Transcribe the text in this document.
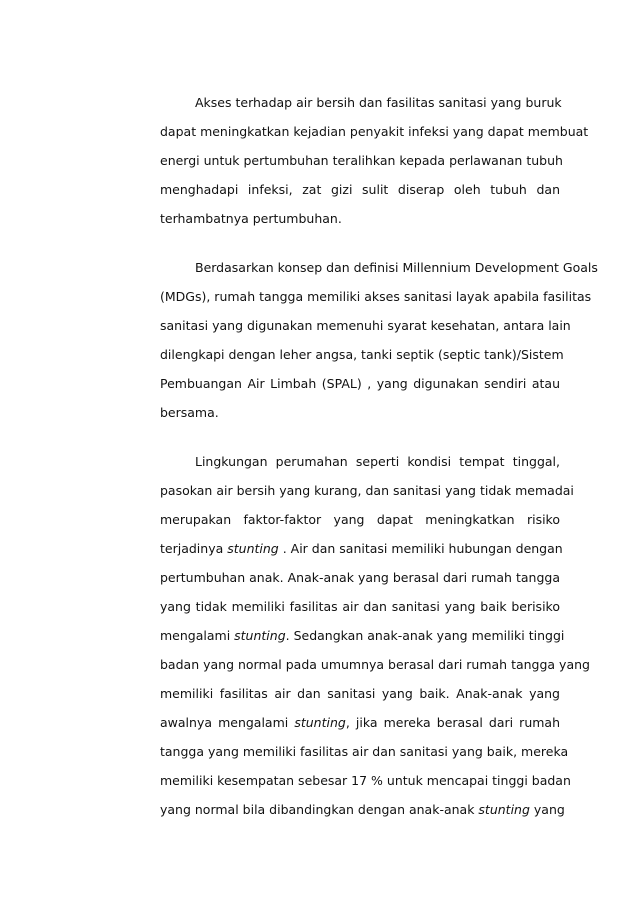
Akses terhadap air bersih dan fasilitas sanitasi yang buruk
dapat meningkatkan kejadian penyakit infeksi yang dapat membuat
energi untuk pertumbuhan teralihkan kepada perlawanan tubuh
menghadapi infeksi, zat gizi sulit diserap oleh tubuh dan
terhambatnya pertumbuhan.
Berdasarkan konsep dan definisi Millennium Development Goals
(MDGs), rumah tangga memiliki akses sanitasi layak apabila fasilitas
sanitasi yang digunakan memenuhi syarat kesehatan, antara lain
dilengkapi dengan leher angsa, tanki septik (septic tank)/Sistem
Pembuangan Air Limbah (SPAL) , yang digunakan sendiri atau
bersama.
Lingkungan perumahan seperti kondisi tempat tinggal,
pasokan air bersih yang kurang, dan sanitasi yang tidak memadai
merupakan faktor-faktor yang dapat meningkatkan risiko
terjadinya stunting . Air dan sanitasi memiliki hubungan dengan
pertumbuhan anak. Anak-anak yang berasal dari rumah tangga
yang tidak memiliki fasilitas air dan sanitasi yang baik berisiko
mengalami stunting. Sedangkan anak-anak yang memiliki tinggi
badan yang normal pada umumnya berasal dari rumah tangga yang
memiliki fasilitas air dan sanitasi yang baik. Anak-anak yang
awalnya mengalami stunting, jika mereka berasal dari rumah
tangga yang memiliki fasilitas air dan sanitasi yang baik, mereka
memiliki kesempatan sebesar 17 % untuk mencapai tinggi badan
yang normal bila dibandingkan dengan anak-anak stunting yang
